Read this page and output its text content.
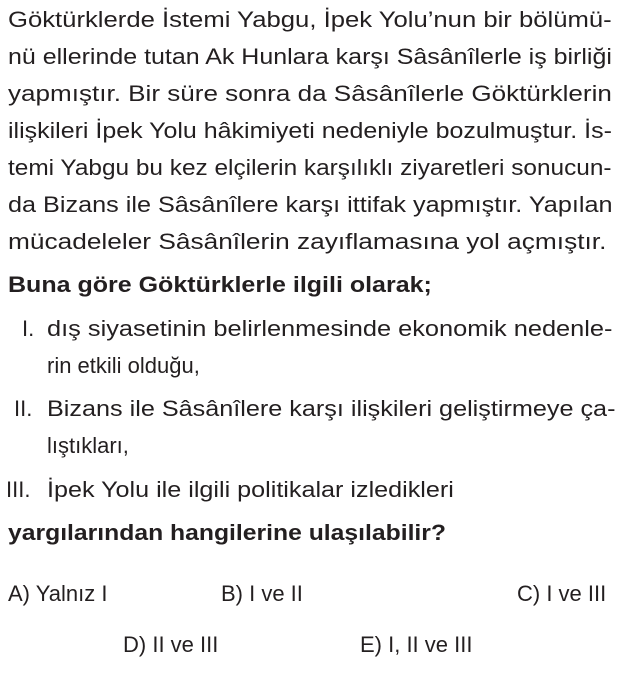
Göktürklerde İstemi Yabgu, İpek Yolu’nun bir bölümü-
nü ellerinde tutan Ak Hunlara karşı Sâsânîlerle iş birliği
yapmıştır. Bir süre sonra da Sâsânîlerle Göktürklerin
ilişkileri İpek Yolu hâkimiyeti nedeniyle bozulmuştur. İs-
temi Yabgu bu kez elçilerin karşılıklı ziyaretleri sonucun-
da Bizans ile Sâsânîlere karşı ittifak yapmıştır. Yapılan
mücadeleler Sâsânîlerin zayıflamasına yol açmıştır.
Buna göre Göktürklerle ilgili olarak;
I. dış siyasetinin belirlenmesinde ekonomik nedenle-
rin etkili olduğu,
II. Bizans ile Sâsânîlere karşı ilişkileri geliştirmeye ça-
lıştıkları,
III. İpek Yolu ile ilgili politikalar izledikleri
yargılarından hangilerine ulaşılabilir?
A) Yalnız I	B) I ve II	C) I ve III
D) II ve III	E) I, II ve III
